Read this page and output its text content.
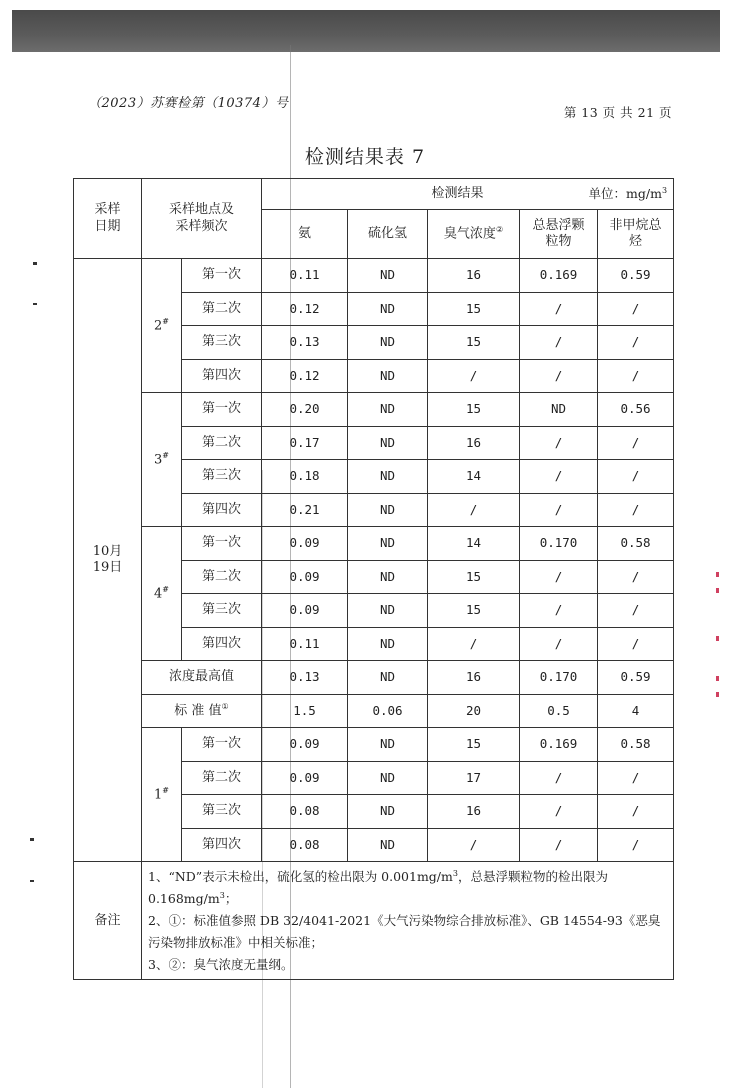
（2023）苏赛检第（10374）号
第 13 页 共 21 页
检测结果表 7
采样
日期	采样地点及
采样频次		检测结果 单位：$mg/m^3$

			氨	硫化氢	臭气浓度②	总悬浮颗
粒物	非甲烷总
烃
10月
19日	2#	第一次	0.11	ND	16	0.169	0.59
		第二次	0.12	ND	15	/	/
		第三次	0.13	ND	15	/	/
		第四次	0.12	ND	/	/	/
	3#	第一次	0.20	ND	15	ND	0.56
		第二次	0.17	ND	16	/	/
		第三次	0.18	ND	14	/	/
		第四次	0.21	ND	/	/	/
	4#	第一次	0.09	ND	14	0.170	0.58
		第二次	0.09	ND	15	/	/
		第三次	0.09	ND	15	/	/
		第四次	0.11	ND	/	/	/
	浓度最高值		0.13	ND	16	0.170	0.59
	标 准 值①		1.5	0.06	20	0.5	4
	1#	第一次	0.09	ND	15	0.169	0.58
		第二次	0.09	ND	17	/	/
		第三次	0.08	ND	16	/	/
		第四次	0.08	ND	/	/	/
备注	1、“ND”表示未检出，硫化氢的检出限为 $0.001mg/m^3$，总悬浮颗粒物的检出限为 $0.168mg/m^3$；
2、①：标准值参照 DB 32/4041-2021《大气污染物综合排放标准》、GB 14554-93《恶臭污染物排放标准》中相关标准；
3、②：臭气浓度无量纲。						
